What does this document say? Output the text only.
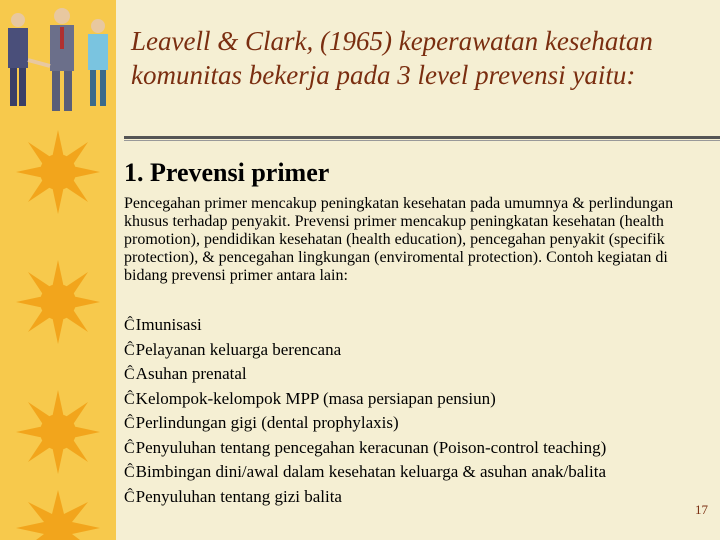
Leavell & Clark, (1965) keperawatan kesehatan komunitas bekerja pada 3 level prevensi yaitu:
1. Prevensi primer
Pencegahan primer mencakup peningkatan kesehatan pada umumnya & perlindungan khusus terhadap penyakit. Prevensi primer mencakup peningkatan kesehatan (health promotion), pendidikan kesehatan (health education), pencegahan penyakit (specifik protection), & pencegahan lingkungan (enviromental protection). Contoh kegiatan di bidang prevensi primer antara lain:
Ĉ Imunisasi
Ĉ Pelayanan keluarga berencana
Ĉ Asuhan prenatal
Ĉ Kelompok-kelompok MPP (masa persiapan pensiun)
Ĉ Perlindungan gigi (dental prophylaxis)
Ĉ Penyuluhan tentang pencegahan keracunan (Poison-control teaching)
Ĉ Bimbingan dini/awal dalam kesehatan keluarga & asuhan anak/balita
Ĉ Penyuluhan tentang gizi balita
17
